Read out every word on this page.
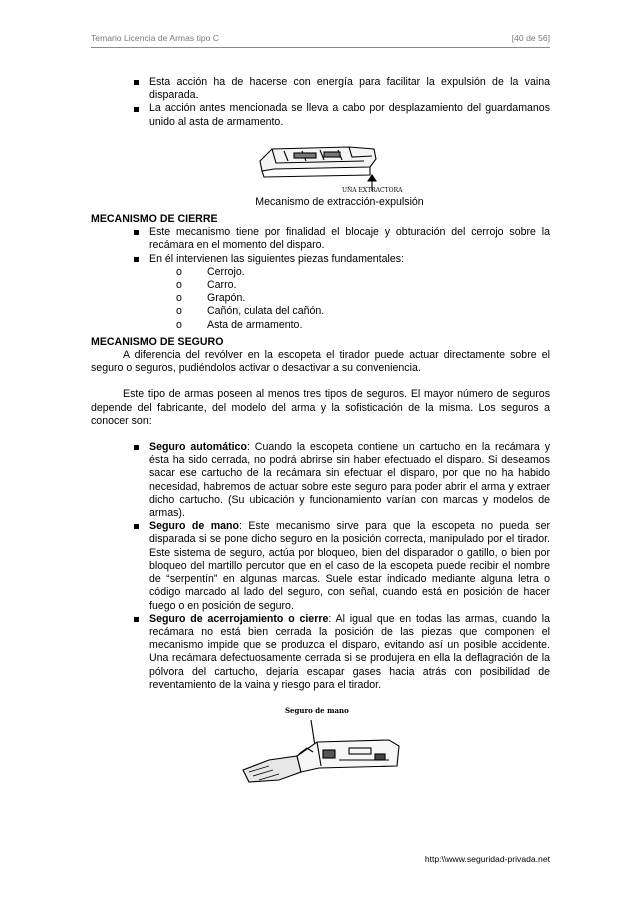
Temario Licencia de Armas tipo C	[40 de 56]
Esta acción ha de hacerse con energía para facilitar la expulsión de la vaina disparada.
La acción antes mencionada se lleva a cabo por desplazamiento del guardamanos unido al asta de armamento.
UÑA EXTRACTORA
Mecanismo de extracción-expulsión
MECANISMO DE CIERRE
Este mecanismo tiene por finalidad el blocaje y obturación del cerrojo sobre la recámara en el momento del disparo.
En él intervienen las siguientes piezas fundamentales:
o Cerrojo.
o Carro.
o Grapón.
o Cañón, culata del cañón.
o Asta de armamento.
MECANISMO DE SEGURO

A diferencia del revólver en la escopeta el tirador puede actuar directamente sobre el seguro o seguros, pudiéndolos activar o desactivar a su conveniencia.

Este tipo de armas poseen al menos tres tipos de seguros. El mayor número de seguros depende del fabricante, del modelo del arma y la sofisticación de la misma. Los seguros a conocer son:

Seguro automático: Cuando la escopeta contiene un cartucho en la recámara y ésta ha sido cerrada, no podrá abrirse sin haber efectuado el disparo. Si deseamos sacar ese cartucho de la recámara sin efectuar el disparo, por que no ha habido necesidad, habremos de actuar sobre este seguro para poder abrir el arma y extraer dicho cartucho. (Su ubicación y funcionamiento varían con marcas y modelos de armas).
Seguro de mano: Este mecanismo sirve para que la escopeta no pueda ser disparada si se pone dicho seguro en la posición correcta, manipulado por el tirador. Este sistema de seguro, actúa por bloqueo, bien del disparador o gatillo, o bien por bloqueo del martillo percutor que en el caso de la escopeta puede recibir el nombre de “serpentín” en algunas marcas. Suele estar indicado mediante alguna letra o código marcado al lado del seguro, con señal, cuando está en posición de hacer fuego o en posición de seguro.
Seguro de acerrojamiento o cierre: Al igual que en todas las armas, cuando la recámara no está bien cerrada la posición de las piezas que componen el mecanismo impide que se produzca el disparo, evitando así un posible accidente. Una recámara defectuosamente cerrada si se produjera en ella la deflagración de la pólvora del cartucho, dejaría escapar gases hacia atrás con posibilidad de reventamiento de la vaina y riesgo para el tirador.
Seguro de mano
http:\\www.seguridad-privada.net
